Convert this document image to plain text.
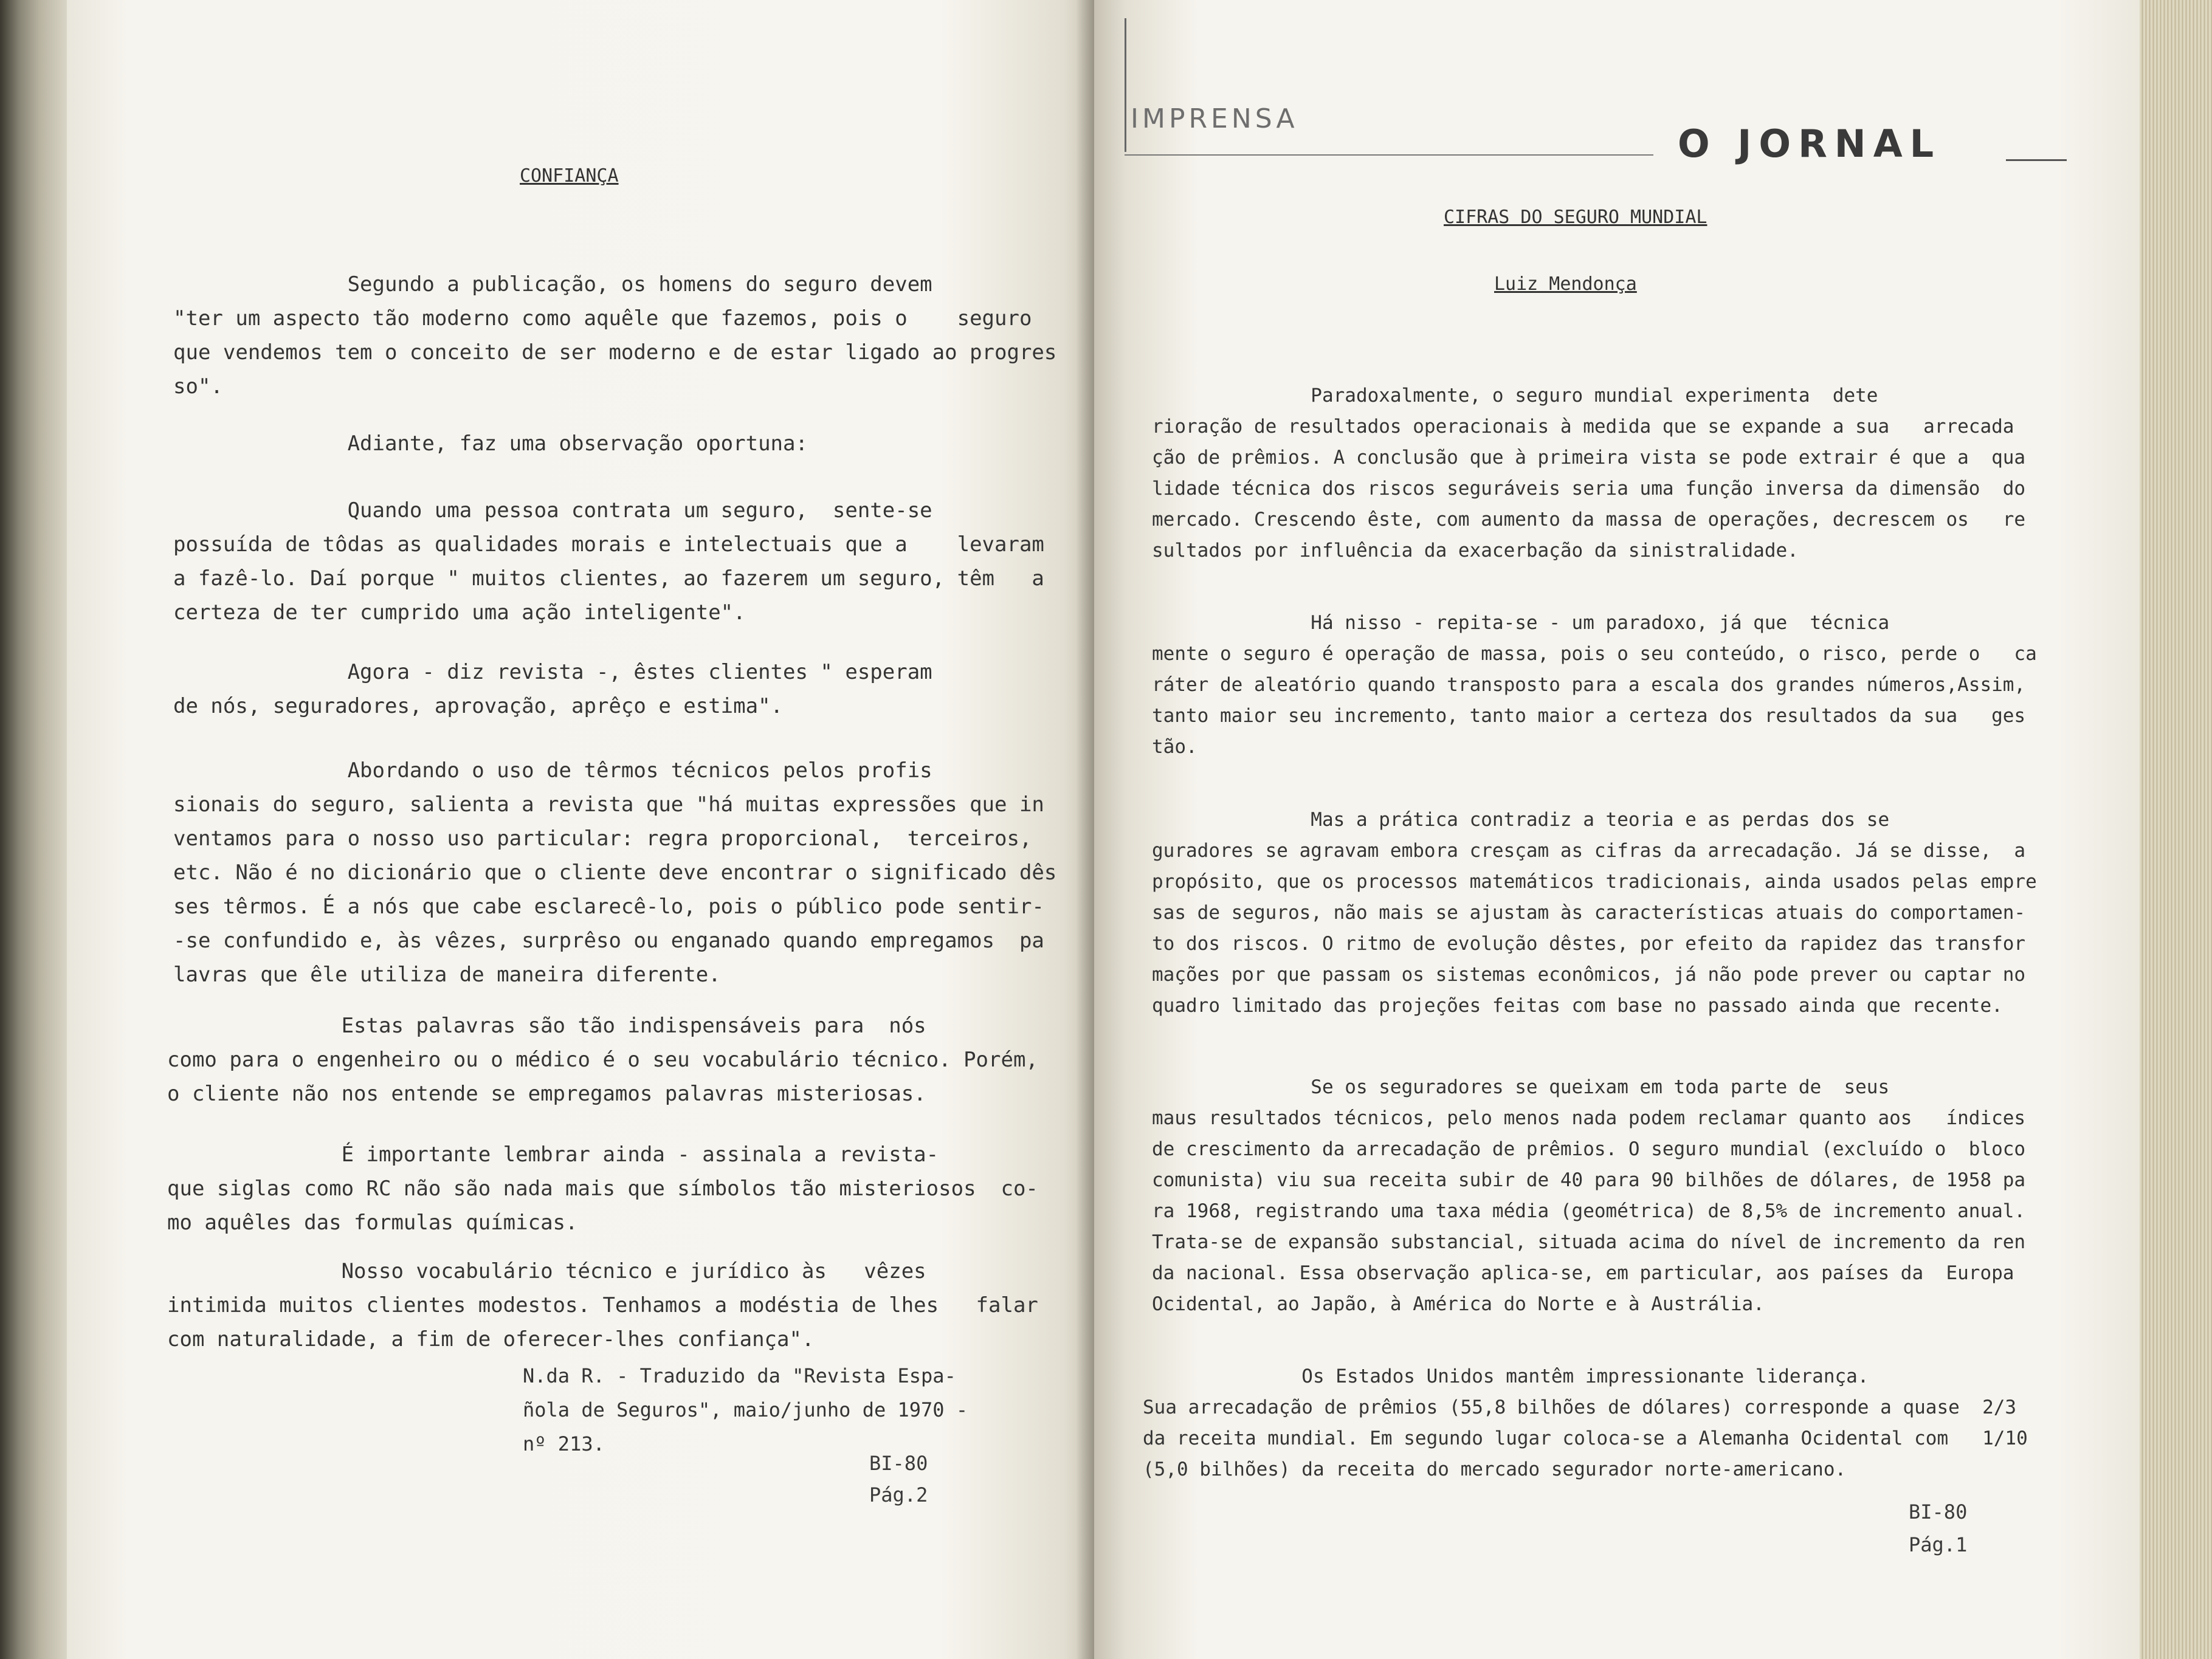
CONFIANÇA
Segundo a publicação, os homens do seguro devem
"ter um aspecto tão moderno como aquêle que fazemos, pois o    seguro
que vendemos tem o conceito de ser moderno e de estar ligado ao progres
so".
Adiante, faz uma observação oportuna:
Quando uma pessoa contrata um seguro,  sente-se
possuída de tôdas as qualidades morais e intelectuais que a    levaram
a fazê-lo. Daí porque " muitos clientes, ao fazerem um seguro, têm   a
certeza de ter cumprido uma ação inteligente".
Agora - diz revista -, êstes clientes " esperam
de nós, seguradores, aprovação, aprêço e estima".
Abordando o uso de têrmos técnicos pelos profis
sionais do seguro, salienta a revista que "há muitas expressões que in
ventamos para o nosso uso particular: regra proporcional,  terceiros,
etc. Não é no dicionário que o cliente deve encontrar o significado dês
ses têrmos. É a nós que cabe esclarecê-lo, pois o público pode sentir-
-se confundido e, às vêzes, surprêso ou enganado quando empregamos  pa
lavras que êle utiliza de maneira diferente.
Estas palavras são tão indispensáveis para  nós
como para o engenheiro ou o médico é o seu vocabulário técnico. Porém,
o cliente não nos entende se empregamos palavras misteriosas.
É importante lembrar ainda - assinala a revista-
que siglas como RC não são nada mais que símbolos tão misteriosos  co-
mo aquêles das formulas químicas.
Nosso vocabulário técnico e jurídico às   vêzes
intimida muitos clientes modestos. Tenhamos a modéstia de lhes   falar
com naturalidade, a fim de oferecer-lhes confiança".
N.da R. - Traduzido da "Revista Espa-
ñola de Seguros", maio/junho de 1970 -
nº 213.
BI-80
Pág.2
IMPRENSA
O JORNAL
CIFRAS DO SEGURO MUNDIAL
Luiz Mendonça
Paradoxalmente, o seguro mundial experimenta  dete
rioração de resultados operacionais à medida que se expande a sua   arrecada
ção de prêmios. A conclusão que à primeira vista se pode extrair é que a  qua
lidade técnica dos riscos seguráveis seria uma função inversa da dimensão  do
mercado. Crescendo êste, com aumento da massa de operações, decrescem os   re
sultados por influência da exacerbação da sinistralidade.
Há nisso - repita-se - um paradoxo, já que  técnica
mente o seguro é operação de massa, pois o seu conteúdo, o risco, perde o   ca
ráter de aleatório quando transposto para a escala dos grandes números,Assim,
tanto maior seu incremento, tanto maior a certeza dos resultados da sua   ges
tão.
Mas a prática contradiz a teoria e as perdas dos se
guradores se agravam embora cresçam as cifras da arrecadação. Já se disse,  a
propósito, que os processos matemáticos tradicionais, ainda usados pelas empre
sas de seguros, não mais se ajustam às características atuais do comportamen-
to dos riscos. O ritmo de evolução dêstes, por efeito da rapidez das transfor
mações por que passam os sistemas econômicos, já não pode prever ou captar no
quadro limitado das projeções feitas com base no passado ainda que recente.
Se os seguradores se queixam em toda parte de  seus
maus resultados técnicos, pelo menos nada podem reclamar quanto aos   índices
de crescimento da arrecadação de prêmios. O seguro mundial (excluído o  bloco
comunista) viu sua receita subir de 40 para 90 bilhões de dólares, de 1958 pa
ra 1968, registrando uma taxa média (geométrica) de 8,5% de incremento anual.
Trata-se de expansão substancial, situada acima do nível de incremento da ren
da nacional. Essa observação aplica-se, em particular, aos países da  Europa
Ocidental, ao Japão, à América do Norte e à Austrália.
Os Estados Unidos mantêm impressionante liderança.
Sua arrecadação de prêmios (55,8 bilhões de dólares) corresponde a quase  2/3
da receita mundial. Em segundo lugar coloca-se a Alemanha Ocidental com   1/10
(5,0 bilhões) da receita do mercado segurador norte-americano.
BI-80
Pág.1
